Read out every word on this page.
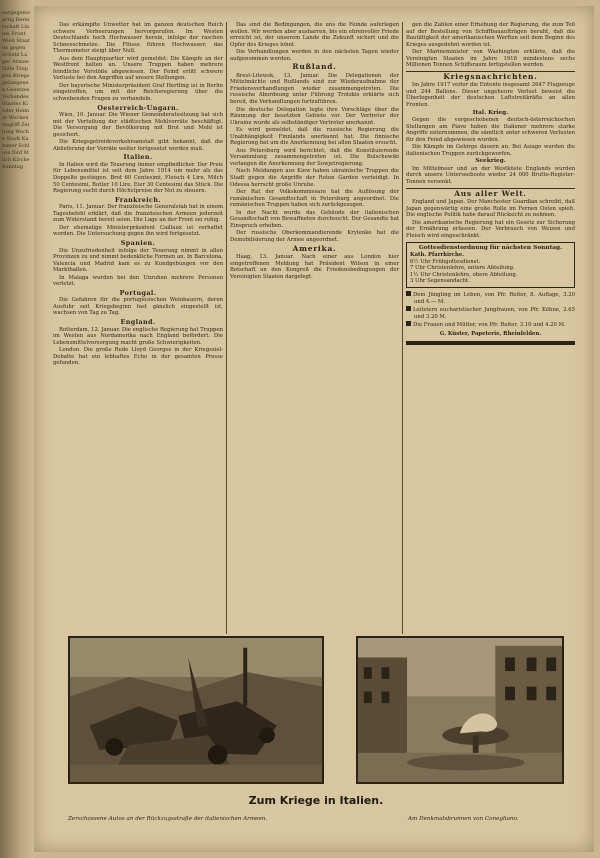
entgegenwärtig Bereitschaft Linien Front Wien Staaten gegen Schutz Lager Armee Hilfe Truppen Kriegsgefangenen Gesetzes Verbandes Staates Kinder Heimat Wochen Angriff Zeitung Woche Stadt Kammer Schluss fünf Milch Kirche Sonntag

Das erkämpfte Unwetter hat im ganzen deutschen Reich schwere Verheerungen hervorgerufen. Im Westen Deutschlands hoch Hochwasser herein, infolge der raschen Schneeschmelze. Die Flüsse führen Hochwasser; das Thermometer steigt über Null.

Aus dem Hauptquartier wird gemeldet: Die Kämpfe an der Westfront halten an. Unsere Truppen haben mehrere feindliche Vorstöße abgewiesen. Der Feind erlitt schwere Verluste bei den Angriffen auf unsere Stellungen.

Der bayerische Ministerpräsident Graf Hertling ist in Berlin eingetroffen, um mit der Reichsregierung über die schwebenden Fragen zu verhandeln.

Oesterreich-Ungarn.

Wien, 10. Januar. Die Wiener Gemeinderatssitzung hat sich mit der Verteilung der städtischen Mehlvorräte beschäftigt. Die Versorgung der Bevölkerung mit Brot und Mehl ist gesichert.

Die Kriegsgetreideverkehrsanstalt gibt bekannt, daß die Ablieferung der Vorräte weiter fortgesetzt werden muß.

Italien.

In Italien wird die Teuerung immer empfindlicher. Der Preis für Lebensmittel ist seit dem Jahre 1914 um mehr als das Doppelte gestiegen. Brot 60 Centesimi, Fleisch 4 Lire, Milch 50 Centesimi, Butter 10 Lire, Eier 30 Centesimi das Stück. Die Regierung sucht durch Höchstpreise der Not zu steuern.

Frankreich.

Paris, 11. Januar. Der französische Generalstab hat in einem Tagesbefehl erklärt, daß die französischen Armeen jederzeit zum Widerstand bereit seien. Die Lage an der Front sei ruhig.

Der ehemalige Ministerpräsident Caillaux ist verhaftet worden. Die Untersuchung gegen ihn wird fortgesetzt.

Spanien.

Die Unzufriedenheit infolge der Teuerung nimmt in allen Provinzen zu und nimmt bedenkliche Formen an. In Barcelona, Valencia und Madrid kam es zu Kundgebungen vor den Markthallen.

In Malaga wurden bei den Unruhen mehrere Personen verletzt.

Portugal.

Die Gefahren für die portugiesischen Weinbauern, deren Ausfuhr seit Kriegsbeginn fast gänzlich eingestellt ist, wachsen von Tag zu Tag.

England.

Rotterdam, 12. Januar. Die englische Regierung hat Truppen im Westen aus Nordamerika nach England befördert. Die Lebensmittelversorgung macht große Schwierigkeiten.

London. Die große Rede Lloyd Georges in der Kriegsziel-Debatte hat ein lebhaftes Echo in der gesamten Presse gefunden.

Das sind die Bedingungen, die uns die Feinde auferlegen wollen. Wir werden aber ausharren, bis ein ehrenvoller Friede erreicht ist, der unserem Lande die Zukunft sichert und die Opfer des Krieges lohnt.

Die Verhandlungen werden in den nächsten Tagen wieder aufgenommen werden.

Rußland.

Brest-Litowsk, 13. Januar. Die Delegationen der Mittelmächte und Rußlands sind zur Wiederaufnahme der Friedensverhandlungen wieder zusammengetreten. Die russische Abordnung unter Führung Trotzkis erklärte sich bereit, die Verhandlungen fortzuführen.

Die deutsche Delegation legte ihre Vorschläge über die Räumung der besetzten Gebiete vor. Der Vertreter der Ukraine wurde als selbständiger Vertreter anerkannt.

Es wird gemeldet, daß die russische Regierung die Unabhängigkeit Finnlands anerkannt hat. Die finnische Regierung hat um die Anerkennung bei allen Staaten ersucht.

Aus Petersburg wird berichtet, daß die Konstituierende Versammlung zusammengetreten ist. Die Bolschewiki verlangen die Anerkennung der Sowjetregierung.

Nach Meldungen aus Kiew haben ukrainische Truppen die Stadt gegen die Angriffe der Roten Garden verteidigt. In Odessa herrscht große Unruhe.

Der Rat der Volkskommissare hat die Auflösung der rumänischen Gesandtschaft in Petersburg angeordnet. Die rumänischen Truppen haben sich zurückgezogen.

In der Nacht wurde das Gebäude der italienischen Gesandtschaft von Bewaffneten durchsucht. Der Gesandte hat Einspruch erhoben.

Der russische Oberkommandierende Krylenko hat die Demobilisierung der Armee angeordnet.

Amerika.

Haag, 13. Januar. Nach einer aus London hier eingetroffenen Meldung hat Präsident Wilson in einer Botschaft an den Kongreß die Friedensbedingungen der Vereinigten Staaten dargelegt.

gen die Zahlen einer Erhebung der Regierung, die zum Teil auf der Bestellung von Schiffbauaufträgen beruht, daß die Bautätigkeit der amerikanischen Werften seit dem Beginn des Krieges ausgedehnt worden ist.

Der Marineminister von Washington erklärte, daß die Vereinigten Staaten im Jahre 1918 mindestens sechs Millionen Tonnen Schiffsraum fertigstellen werden.

Kriegsnachrichten.

Im Jahre 1917 verlor die Entente insgesamt 2647 Flugzeuge und 244 Ballons. Dieser ungeheure Verlust beweist die Überlegenheit der deutschen Luftstreitkräfte an allen Fronten.

Ital. Krieg.

Gegen die vorgeschobenen deutsch-österreichischen Stellungen am Piave haben die Italiener mehrere starke Angriffe unternommen, die sämtlich unter schweren Verlusten für den Feind abgewiesen wurden.

Die Kämpfe im Gebirge dauern an. Bei Asiago wurden die italienischen Truppen zurückgeworfen.

Seekrieg.

Im Mittelmeer und an der Westküste Englands wurden durch unsere Unterseeboote wieder 24 000 Brutto-Register-Tonnen versenkt.

Aus aller Welt.

England und Japan. Der Manchester Guardian schreibt, daß Japan gegenwärtig eine große Rolle im Fernen Osten spielt. Die englische Politik habe darauf Rücksicht zu nehmen.

Die amerikanische Regierung hat ein Gesetz zur Sicherung der Ernährung erlassen. Der Verbrauch von Weizen und Fleisch wird eingeschränkt.

Gottesdienstordnung für nächsten Sonntag.
Kath. Pfarrkirche.
6½ Uhr Frühgottesdienst.
7 Uhr Christenlehre, untere Abteilung.
1½ Uhr Christenlehre, obere Abteilung.
3 Uhr Segensandacht.
Dem Jüngling im Leben, von Pfr. Reiter, 8. Auflage, 3.20 und 4.— M.
Leitstern eucharistischer Jungfrauen, von Pfr. Köhne, 2.65 und 3.20 M.
Die Frauen und Mütter, von Pfr. Reiter, 3.10 und 4.20 M.
G. Küster, Papeterie, Rheinfelden.
Zum Kriege in Italien.
Zerschossene Autos an der Rückzugsstraße der italienischen Armeen.	Am Denkmalsbrunnen von Conegliano.
